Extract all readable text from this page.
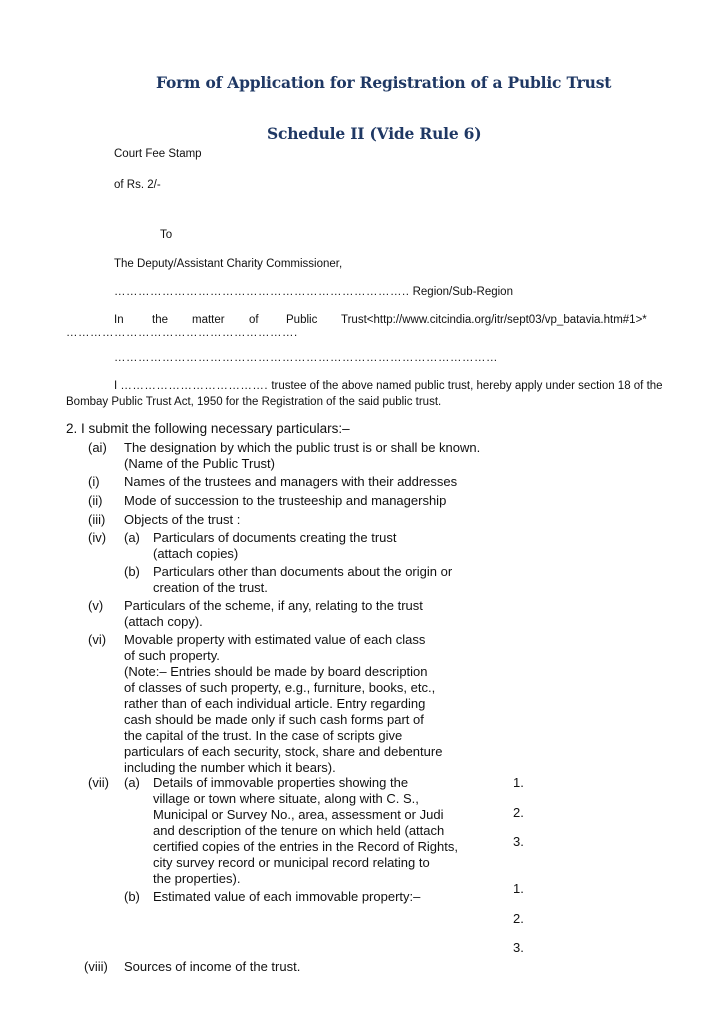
Form of Application for Registration of a Public Trust
Schedule II (Vide Rule 6)
Court Fee Stamp
of Rs. 2/-
To
The Deputy/Assistant Charity Commissioner,
……………………………………………………………….. Region/Sub-Region
In the matter of Public Trust<http://www.citcindia.org/itr/sept03/vp_batavia.htm#1>*
………………………………………………….
……………………………………………………………………………………
I ………………………………. trustee of the above named public trust, hereby apply under section 18 of the
Bombay Public Trust Act, 1950 for the Registration of the said public trust.
2. I submit the following necessary particulars:–
(ai) The designation by which the public trust is or shall be known.
(Name of the Public Trust)
(i) Names of the trustees and managers with their addresses
(ii) Mode of succession to the trusteeship and managership
(iii) Objects of the trust :
(iv) (a) Particulars of documents creating the trust
(attach copies)
(b) Particulars other than documents about the origin or
creation of the trust.
(v) Particulars of the scheme, if any, relating to the trust
(attach copy).
(vi) Movable property with estimated value of each class
of such property.
(Note:– Entries should be made by board description
of classes of such property, e.g., furniture, books, etc.,
rather than of each individual article. Entry regarding
cash should be made only if such cash forms part of
the capital of the trust. In the case of scripts give
particulars of each security, stock, share and debenture
including the number which it bears).
(vii) (a) Details of immovable properties showing the
village or town where situate, along with C. S.,
Municipal or Survey No., area, assessment or Judi
and description of the tenure on which held (attach
certified copies of the entries in the Record of Rights,
city survey record or municipal record relating to
the properties).
(b) Estimated value of each immovable property:–
1.
2.
3.
1.
2.
3.
(viii) Sources of income of the trust.
